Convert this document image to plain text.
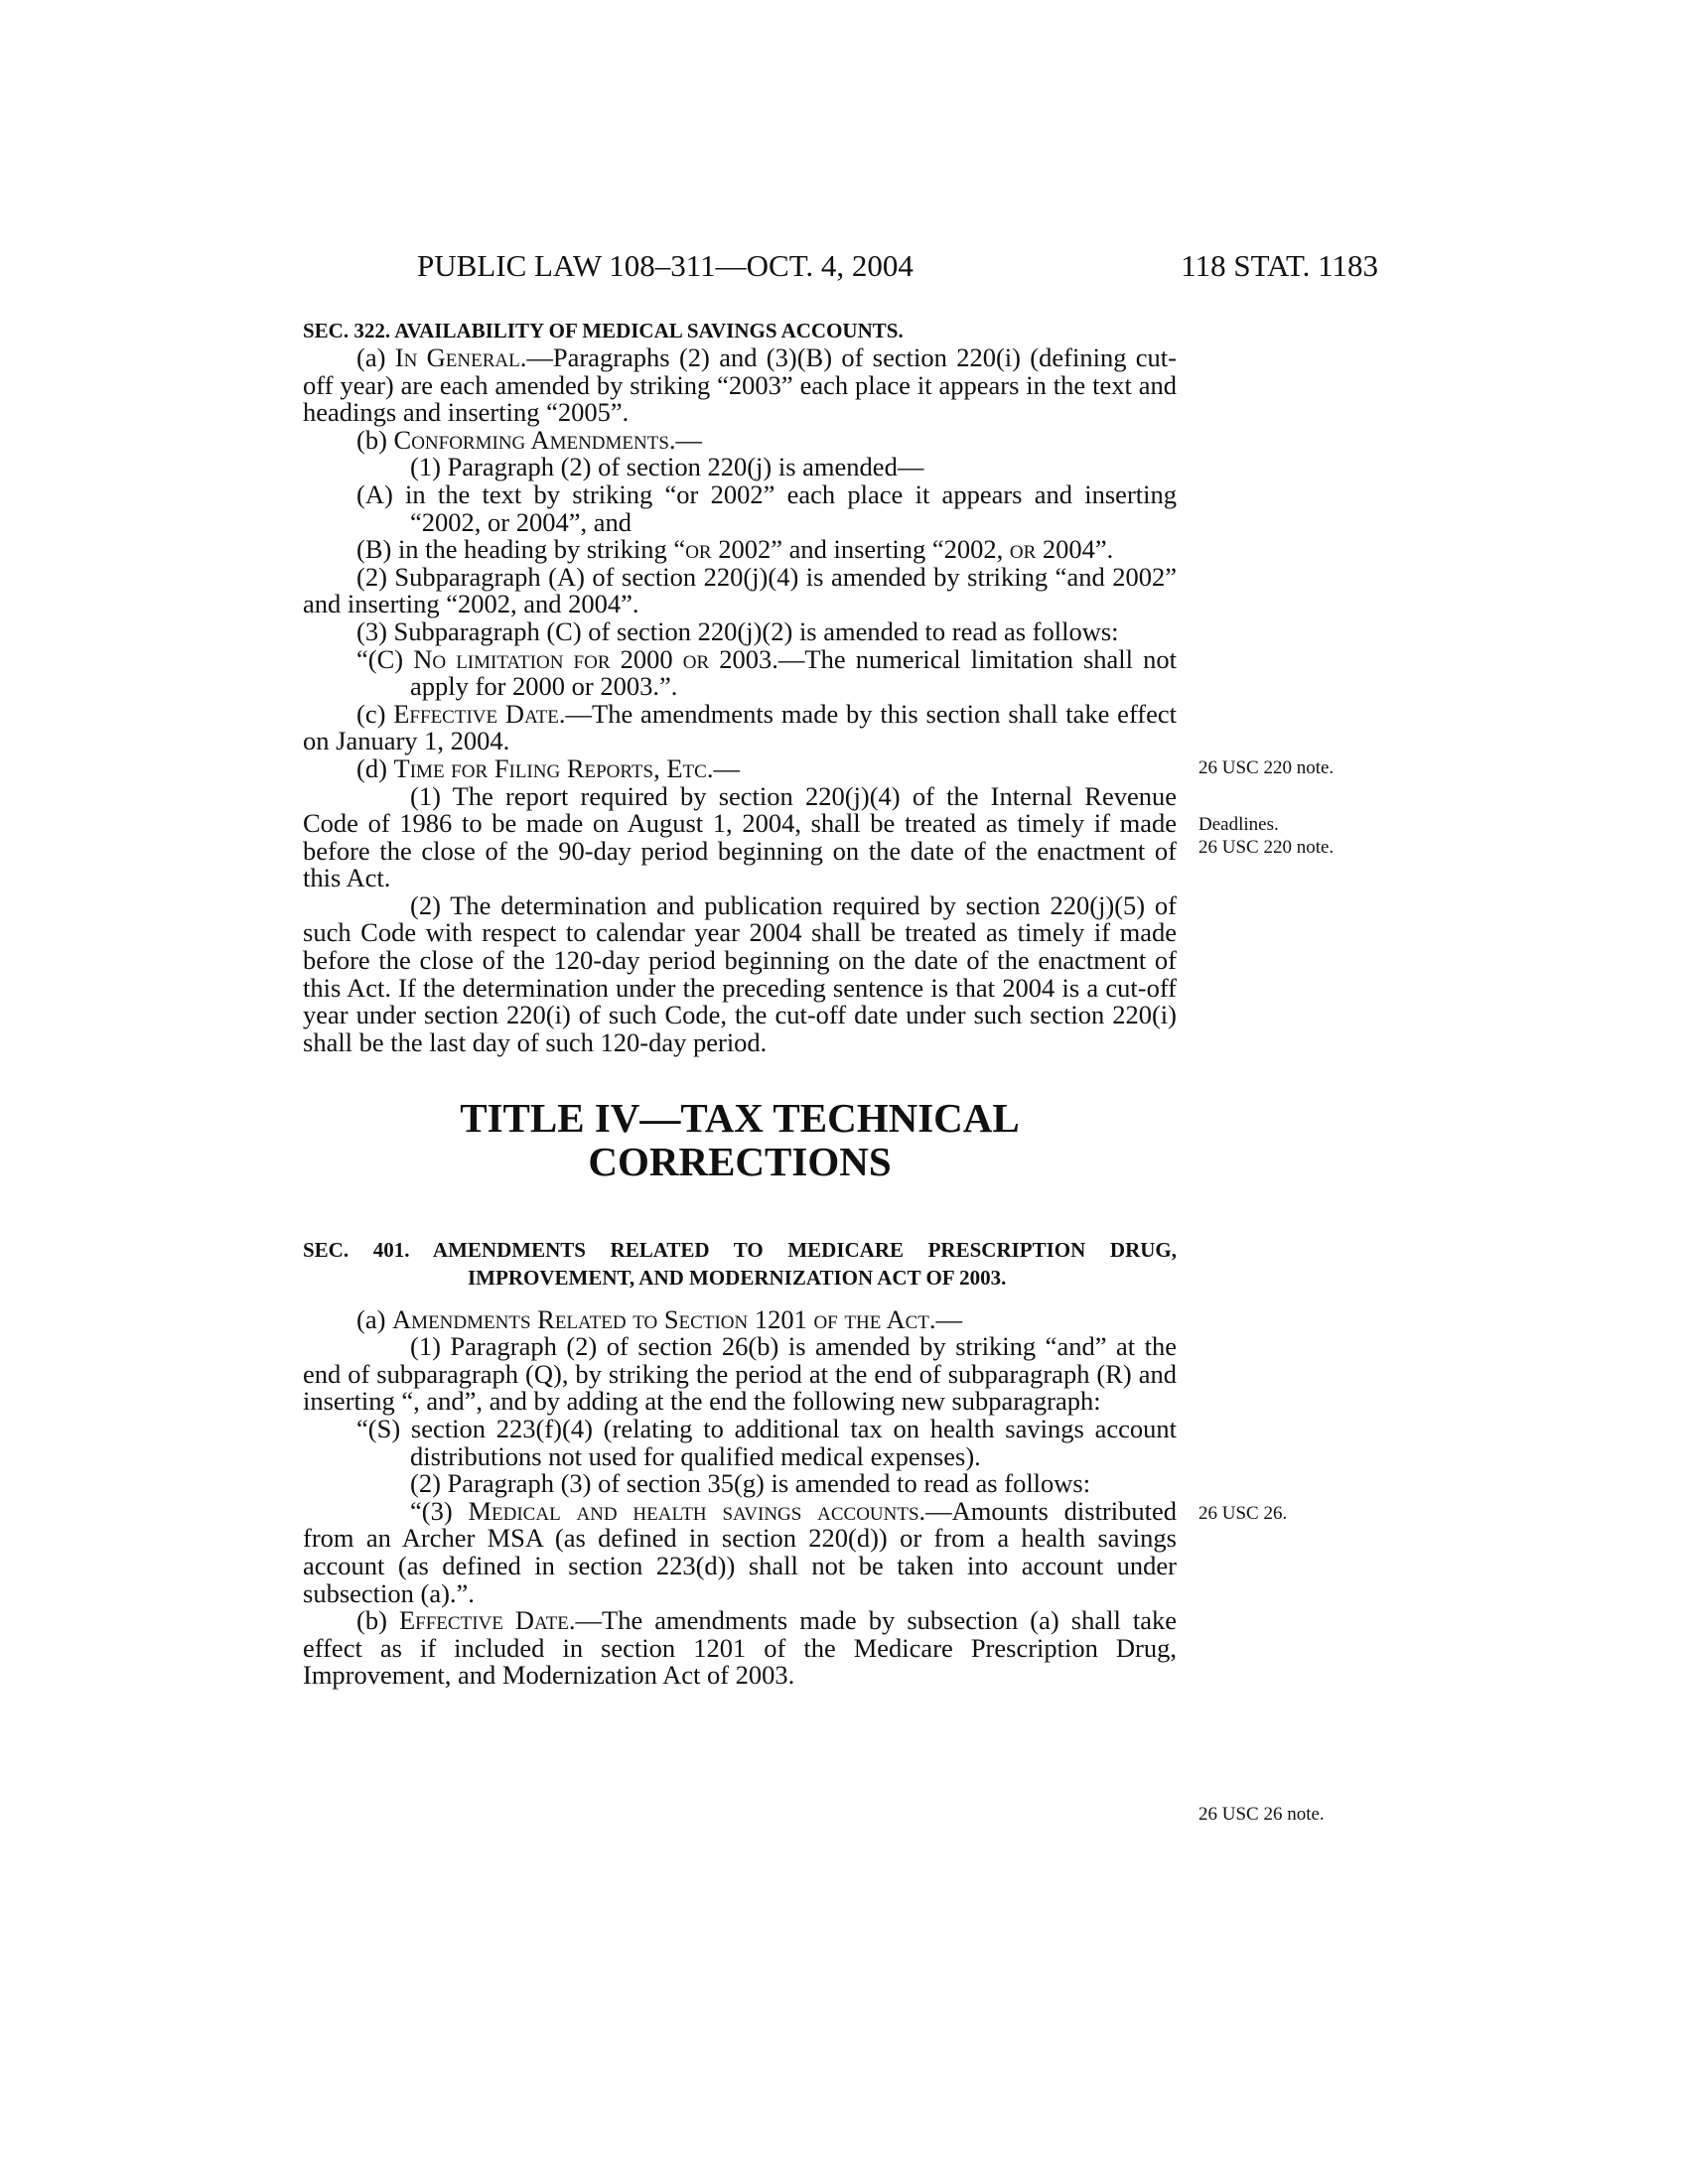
PUBLIC LAW 108–311—OCT. 4, 2004	118 STAT. 1183

SEC. 322. AVAILABILITY OF MEDICAL SAVINGS ACCOUNTS.

(a) In General.—Paragraphs (2) and (3)(B) of section 220(i) (defining cut-off year) are each amended by striking “2003” each place it appears in the text and headings and inserting “2005”.

(b) Conforming Amendments.—

(1) Paragraph (2) of section 220(j) is amended—

(A) in the text by striking “or 2002” each place it appears and inserting “2002, or 2004”, and

(B) in the heading by striking “or 2002” and inserting “2002, or 2004”.

(2) Subparagraph (A) of section 220(j)(4) is amended by striking “and 2002” and inserting “2002, and 2004”.

(3) Subparagraph (C) of section 220(j)(2) is amended to read as follows:

“(C) No limitation for 2000 or 2003.—The numerical limitation shall not apply for 2000 or 2003.”.

(c) Effective Date.—The amendments made by this section shall take effect on January 1, 2004.

(d) Time for Filing Reports, Etc.—

(1) The report required by section 220(j)(4) of the Internal Revenue Code of 1986 to be made on August 1, 2004, shall be treated as timely if made before the close of the 90-day period beginning on the date of the enactment of this Act.

(2) The determination and publication required by section 220(j)(5) of such Code with respect to calendar year 2004 shall be treated as timely if made before the close of the 120-day period beginning on the date of the enactment of this Act. If the determination under the preceding sentence is that 2004 is a cut-off year under section 220(i) of such Code, the cut-off date under such section 220(i) shall be the last day of such 120-day period.

TITLE IV—TAX TECHNICAL
CORRECTIONS

SEC. 401. AMENDMENTS RELATED TO MEDICARE PRESCRIPTION DRUG, IMPROVEMENT, AND MODERNIZATION ACT OF 2003.

(a) Amendments Related to Section 1201 of the Act.—

(1) Paragraph (2) of section 26(b) is amended by striking “and” at the end of subparagraph (Q), by striking the period at the end of subparagraph (R) and inserting “, and”, and by adding at the end the following new subparagraph:

“(S) section 223(f)(4) (relating to additional tax on health savings account distributions not used for qualified medical expenses).

(2) Paragraph (3) of section 35(g) is amended to read as follows:

“(3) Medical and health savings accounts.—Amounts distributed from an Archer MSA (as defined in section 220(d)) or from a health savings account (as defined in section 223(d)) shall not be taken into account under subsection (a).”.

(b) Effective Date.—The amendments made by subsection (a) shall take effect as if included in section 1201 of the Medicare Prescription Drug, Improvement, and Modernization Act of 2003.

26 USC 220 note.
Deadlines.
26 USC 220 note.
26 USC 26.
26 USC 26 note.
